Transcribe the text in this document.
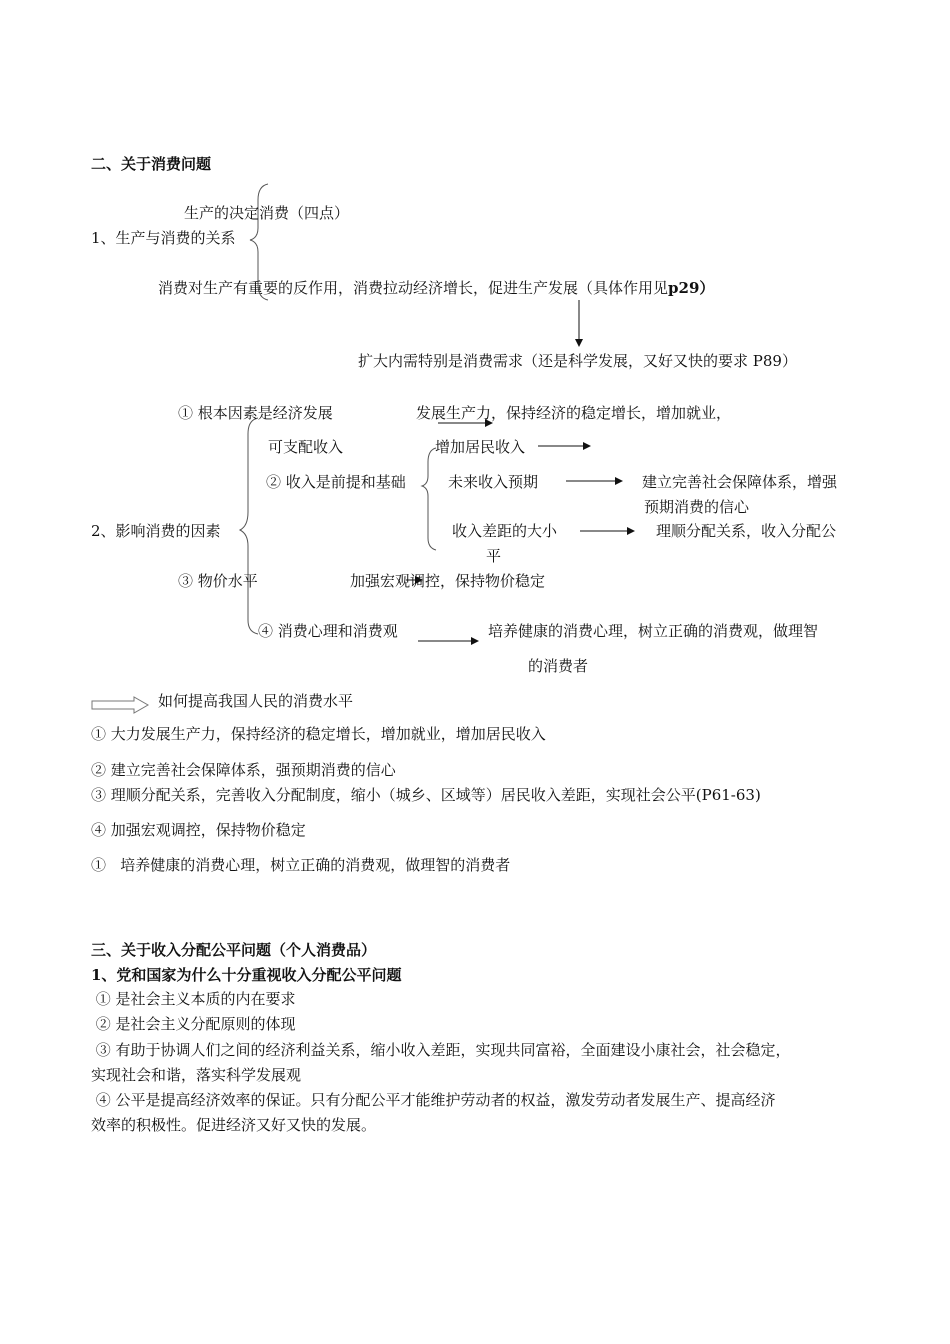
二、关于消费问题
生产的决定消费（四点）
1、生产与消费的关系
消费对生产有重要的反作用，消费拉动经济增长，促进生产发展（具体作用见p29）
扩大内需特别是消费需求（还是科学发展，又好又快的要求 P89）
① 根本因素是经济发展	发展生产力，保持经济的稳定增长，增加就业，
可支配收入	增加居民收入
② 收入是前提和基础	未来收入预期	建立完善社会保障体系，增强
预期消费的信心
2、影响消费的因素	收入差距的大小	理顺分配关系，收入分配公
平
③ 物价水平	加强宏观调控，保持物价稳定
④ 消费心理和消费观	培养健康的消费心理，树立正确的消费观，做理智
的消费者
如何提高我国人民的消费水平
① 大力发展生产力，保持经济的稳定增长，增加就业，增加居民收入
② 建立完善社会保障体系，强预期消费的信心
③ 理顺分配关系，完善收入分配制度，缩小（城乡、区域等）居民收入差距，实现社会公平(P61-63)
④ 加强宏观调控，保持物价稳定
①   培养健康的消费心理，树立正确的消费观，做理智的消费者
三、关于收入分配公平问题（个人消费品）
1、党和国家为什么十分重视收入分配公平问题
① 是社会主义本质的内在要求
② 是社会主义分配原则的体现
③ 有助于协调人们之间的经济利益关系，缩小收入差距，实现共同富裕，全面建设小康社会，社会稳定，
实现社会和谐，落实科学发展观
④ 公平是提高经济效率的保证。只有分配公平才能维护劳动者的权益，激发劳动者发展生产、提高经济
效率的积极性。促进经济又好又快的发展。
